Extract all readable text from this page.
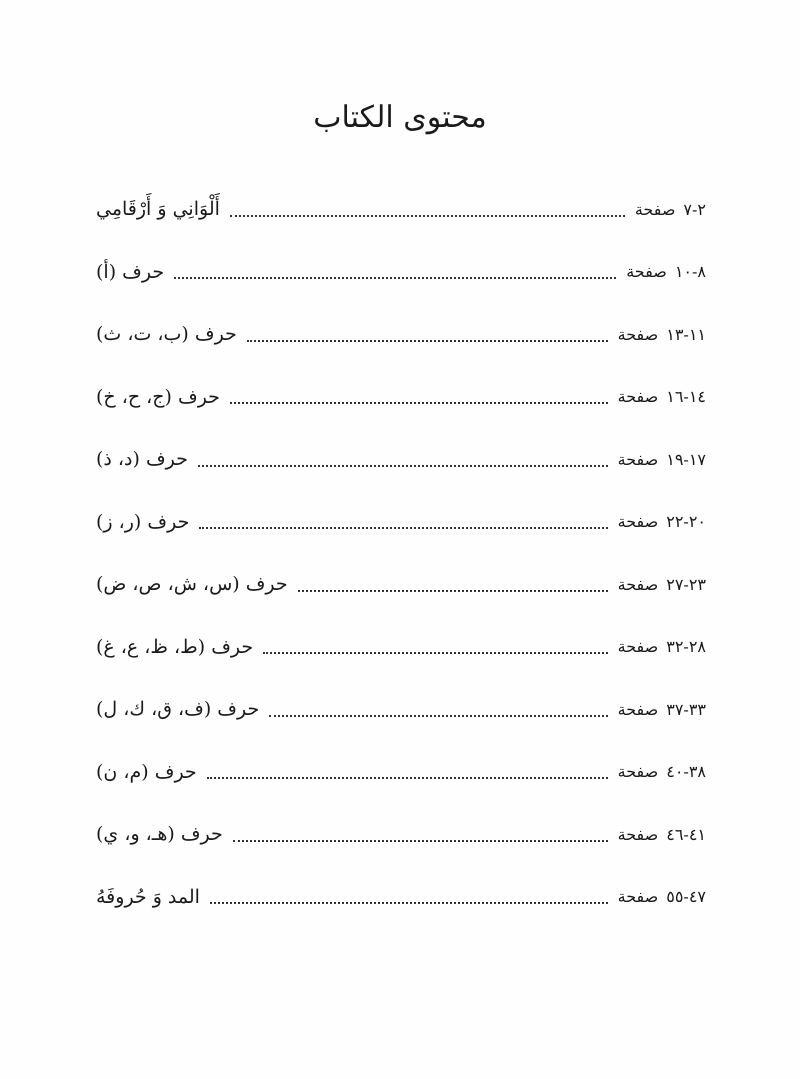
محتوى الكتاب
أَلْوَانِي وَ أَرْقَامِي	صفحة ٢-٧
حرف (أ)	صفحة ٨-١٠
حرف (ب، ت، ث)	صفحة ١١-١٣
حرف (ج، ح، خ)	صفحة ١٤-١٦
حرف (د، ذ)	صفحة ١٧-١٩
حرف (ر، ز)	صفحة ٢٠-٢٢
حرف (س، ش، ص، ض)	صفحة ٢٣-٢٧
حرف (ط، ظ، ع، غ)	صفحة ٢٨-٣٢
حرف (ف، ق، ك، ل)	صفحة ٣٣-٣٧
حرف (م، ن)	صفحة ٣٨-٤٠
حرف (هـ، و، ي)	صفحة ٤١-٤٦
المد وَ حُروفَهُ	صفحة ٤٧-٥٥
